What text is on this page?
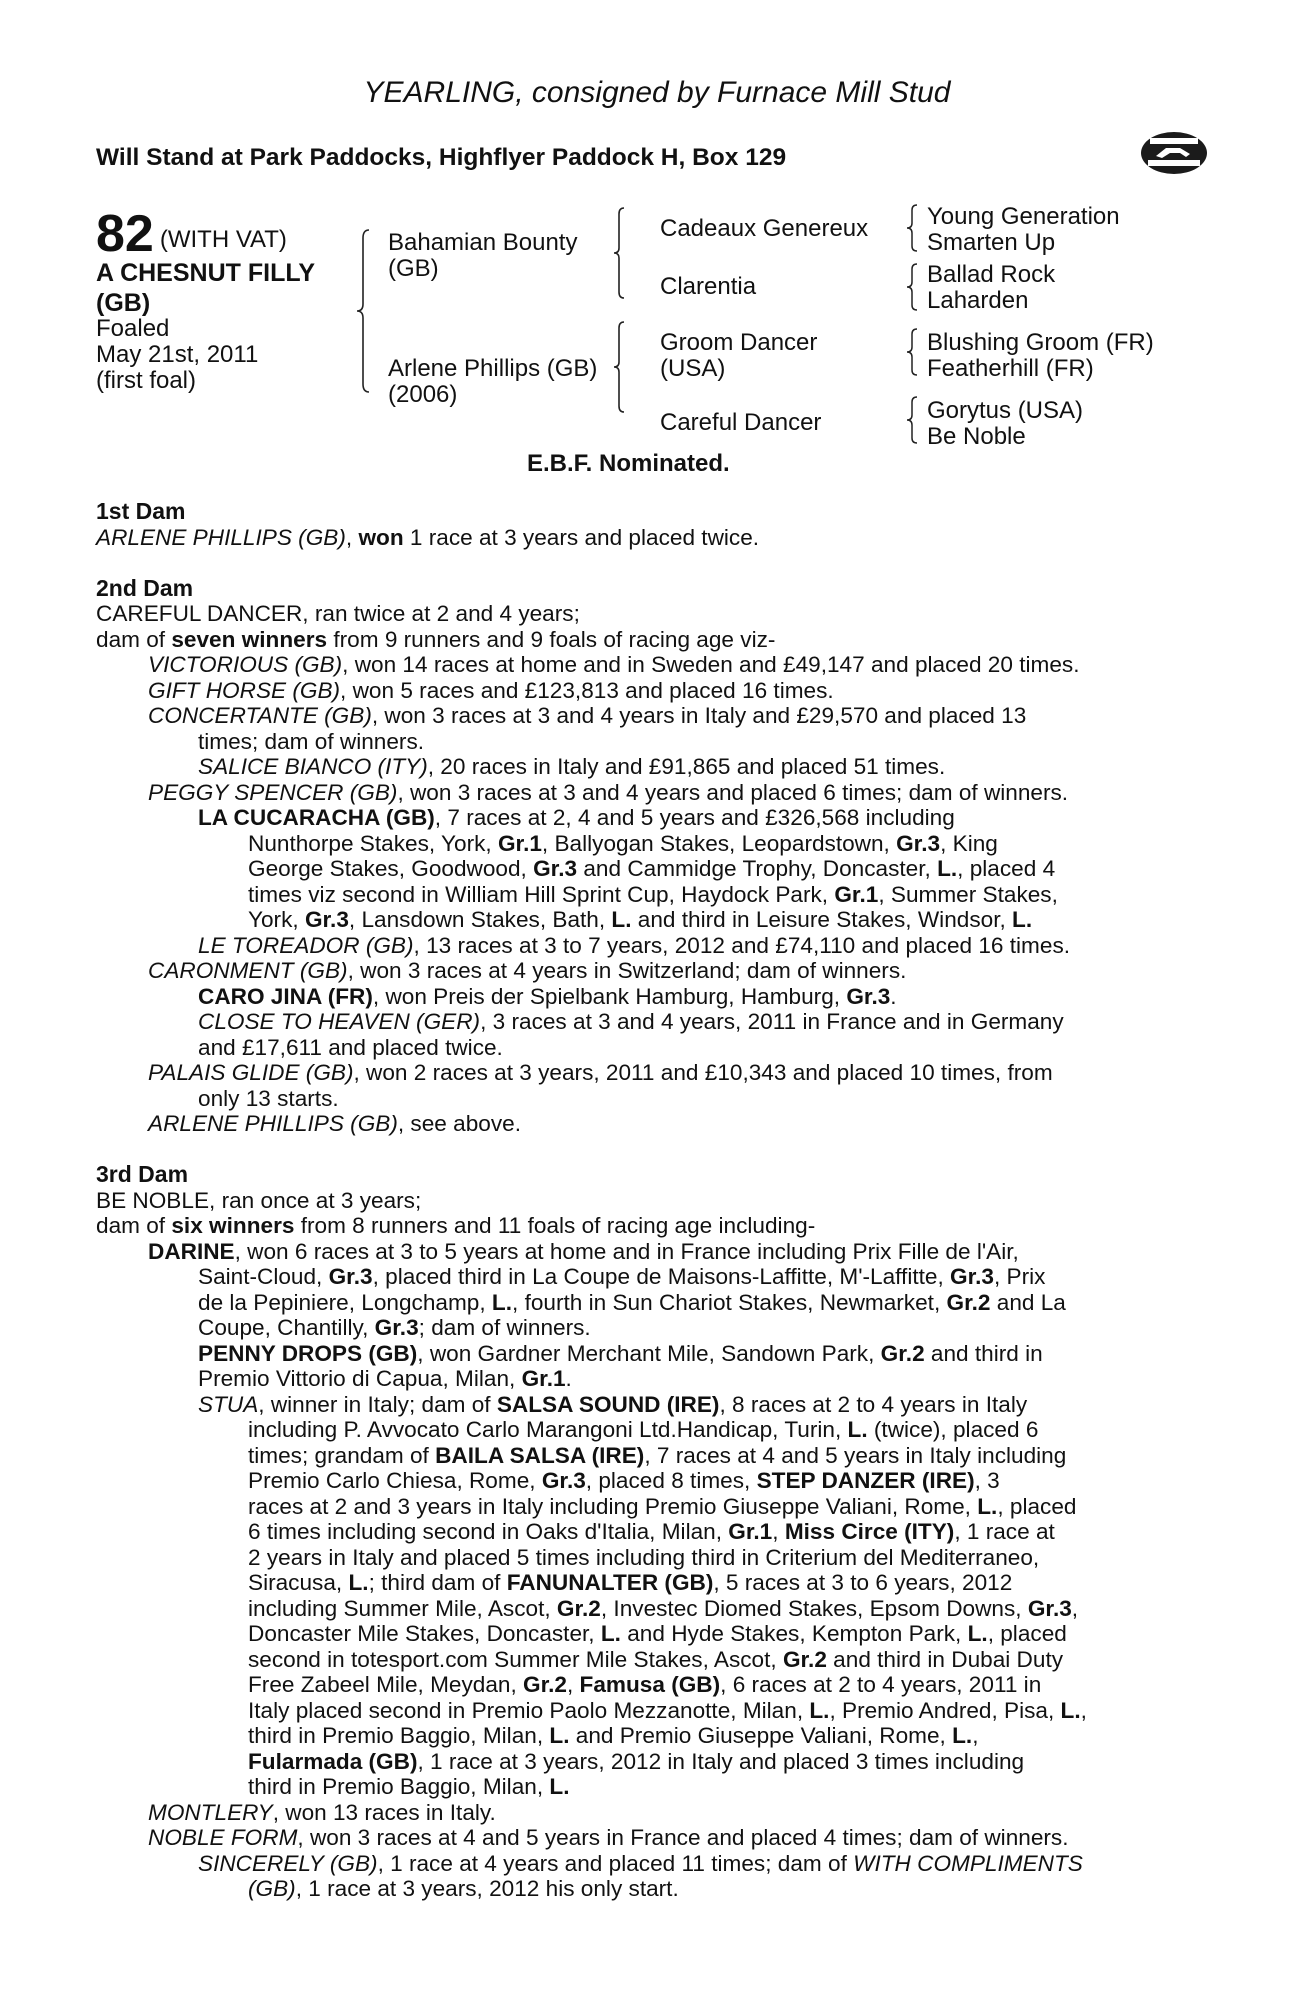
YEARLING, consigned by Furnace Mill Stud
Will Stand at Park Paddocks, Highflyer Paddock H, Box 129
82 (WITH VAT)
A CHESNUT FILLY
(GB)
Foaled
May 21st, 2011
(first foal)
Bahamian Bounty
(GB)
Arlene Phillips (GB)
(2006)
Cadeaux Genereux
Clarentia
Groom Dancer
(USA)
Careful Dancer
Young Generation
Smarten Up
Ballad Rock
Laharden
Blushing Groom (FR)
Featherhill (FR)
Gorytus (USA)
Be Noble
E.B.F. Nominated.
1st Dam
ARLENE PHILLIPS (GB), won 1 race at 3 years and placed twice.
2nd Dam
CAREFUL DANCER, ran twice at 2 and 4 years;
dam of seven winners from 9 runners and 9 foals of racing age viz-
VICTORIOUS (GB), won 14 races at home and in Sweden and £49,147 and placed 20 times.
GIFT HORSE (GB), won 5 races and £123,813 and placed 16 times.
CONCERTANTE (GB), won 3 races at 3 and 4 years in Italy and £29,570 and placed 13
times; dam of winners.
SALICE BIANCO (ITY), 20 races in Italy and £91,865 and placed 51 times.
PEGGY SPENCER (GB), won 3 races at 3 and 4 years and placed 6 times; dam of winners.
LA CUCARACHA (GB), 7 races at 2, 4 and 5 years and £326,568 including
Nunthorpe Stakes, York, Gr.1, Ballyogan Stakes, Leopardstown, Gr.3, King
George Stakes, Goodwood, Gr.3 and Cammidge Trophy, Doncaster, L., placed 4
times viz second in William Hill Sprint Cup, Haydock Park, Gr.1, Summer Stakes,
York, Gr.3, Lansdown Stakes, Bath, L. and third in Leisure Stakes, Windsor, L.
LE TOREADOR (GB), 13 races at 3 to 7 years, 2012 and £74,110 and placed 16 times.
CARONMENT (GB), won 3 races at 4 years in Switzerland; dam of winners.
CARO JINA (FR), won Preis der Spielbank Hamburg, Hamburg, Gr.3.
CLOSE TO HEAVEN (GER), 3 races at 3 and 4 years, 2011 in France and in Germany
and £17,611 and placed twice.
PALAIS GLIDE (GB), won 2 races at 3 years, 2011 and £10,343 and placed 10 times, from
only 13 starts.
ARLENE PHILLIPS (GB), see above.
3rd Dam
BE NOBLE, ran once at 3 years;
dam of six winners from 8 runners and 11 foals of racing age including-
DARINE, won 6 races at 3 to 5 years at home and in France including Prix Fille de l'Air,
Saint-Cloud, Gr.3, placed third in La Coupe de Maisons-Laffitte, M'-Laffitte, Gr.3, Prix
de la Pepiniere, Longchamp, L., fourth in Sun Chariot Stakes, Newmarket, Gr.2 and La
Coupe, Chantilly, Gr.3; dam of winners.
PENNY DROPS (GB), won Gardner Merchant Mile, Sandown Park, Gr.2 and third in
Premio Vittorio di Capua, Milan, Gr.1.
STUA, winner in Italy; dam of SALSA SOUND (IRE), 8 races at 2 to 4 years in Italy
including P. Avvocato Carlo Marangoni Ltd.Handicap, Turin, L. (twice), placed 6
times; grandam of BAILA SALSA (IRE), 7 races at 4 and 5 years in Italy including
Premio Carlo Chiesa, Rome, Gr.3, placed 8 times, STEP DANZER (IRE), 3
races at 2 and 3 years in Italy including Premio Giuseppe Valiani, Rome, L., placed
6 times including second in Oaks d'Italia, Milan, Gr.1, Miss Circe (ITY), 1 race at
2 years in Italy and placed 5 times including third in Criterium del Mediterraneo,
Siracusa, L.; third dam of FANUNALTER (GB), 5 races at 3 to 6 years, 2012
including Summer Mile, Ascot, Gr.2, Investec Diomed Stakes, Epsom Downs, Gr.3,
Doncaster Mile Stakes, Doncaster, L. and Hyde Stakes, Kempton Park, L., placed
second in totesport.com Summer Mile Stakes, Ascot, Gr.2 and third in Dubai Duty
Free Zabeel Mile, Meydan, Gr.2, Famusa (GB), 6 races at 2 to 4 years, 2011 in
Italy placed second in Premio Paolo Mezzanotte, Milan, L., Premio Andred, Pisa, L.,
third in Premio Baggio, Milan, L. and Premio Giuseppe Valiani, Rome, L.,
Fularmada (GB), 1 race at 3 years, 2012 in Italy and placed 3 times including
third in Premio Baggio, Milan, L.
MONTLERY, won 13 races in Italy.
NOBLE FORM, won 3 races at 4 and 5 years in France and placed 4 times; dam of winners.
SINCERELY (GB), 1 race at 4 years and placed 11 times; dam of WITH COMPLIMENTS
(GB), 1 race at 3 years, 2012 his only start.
